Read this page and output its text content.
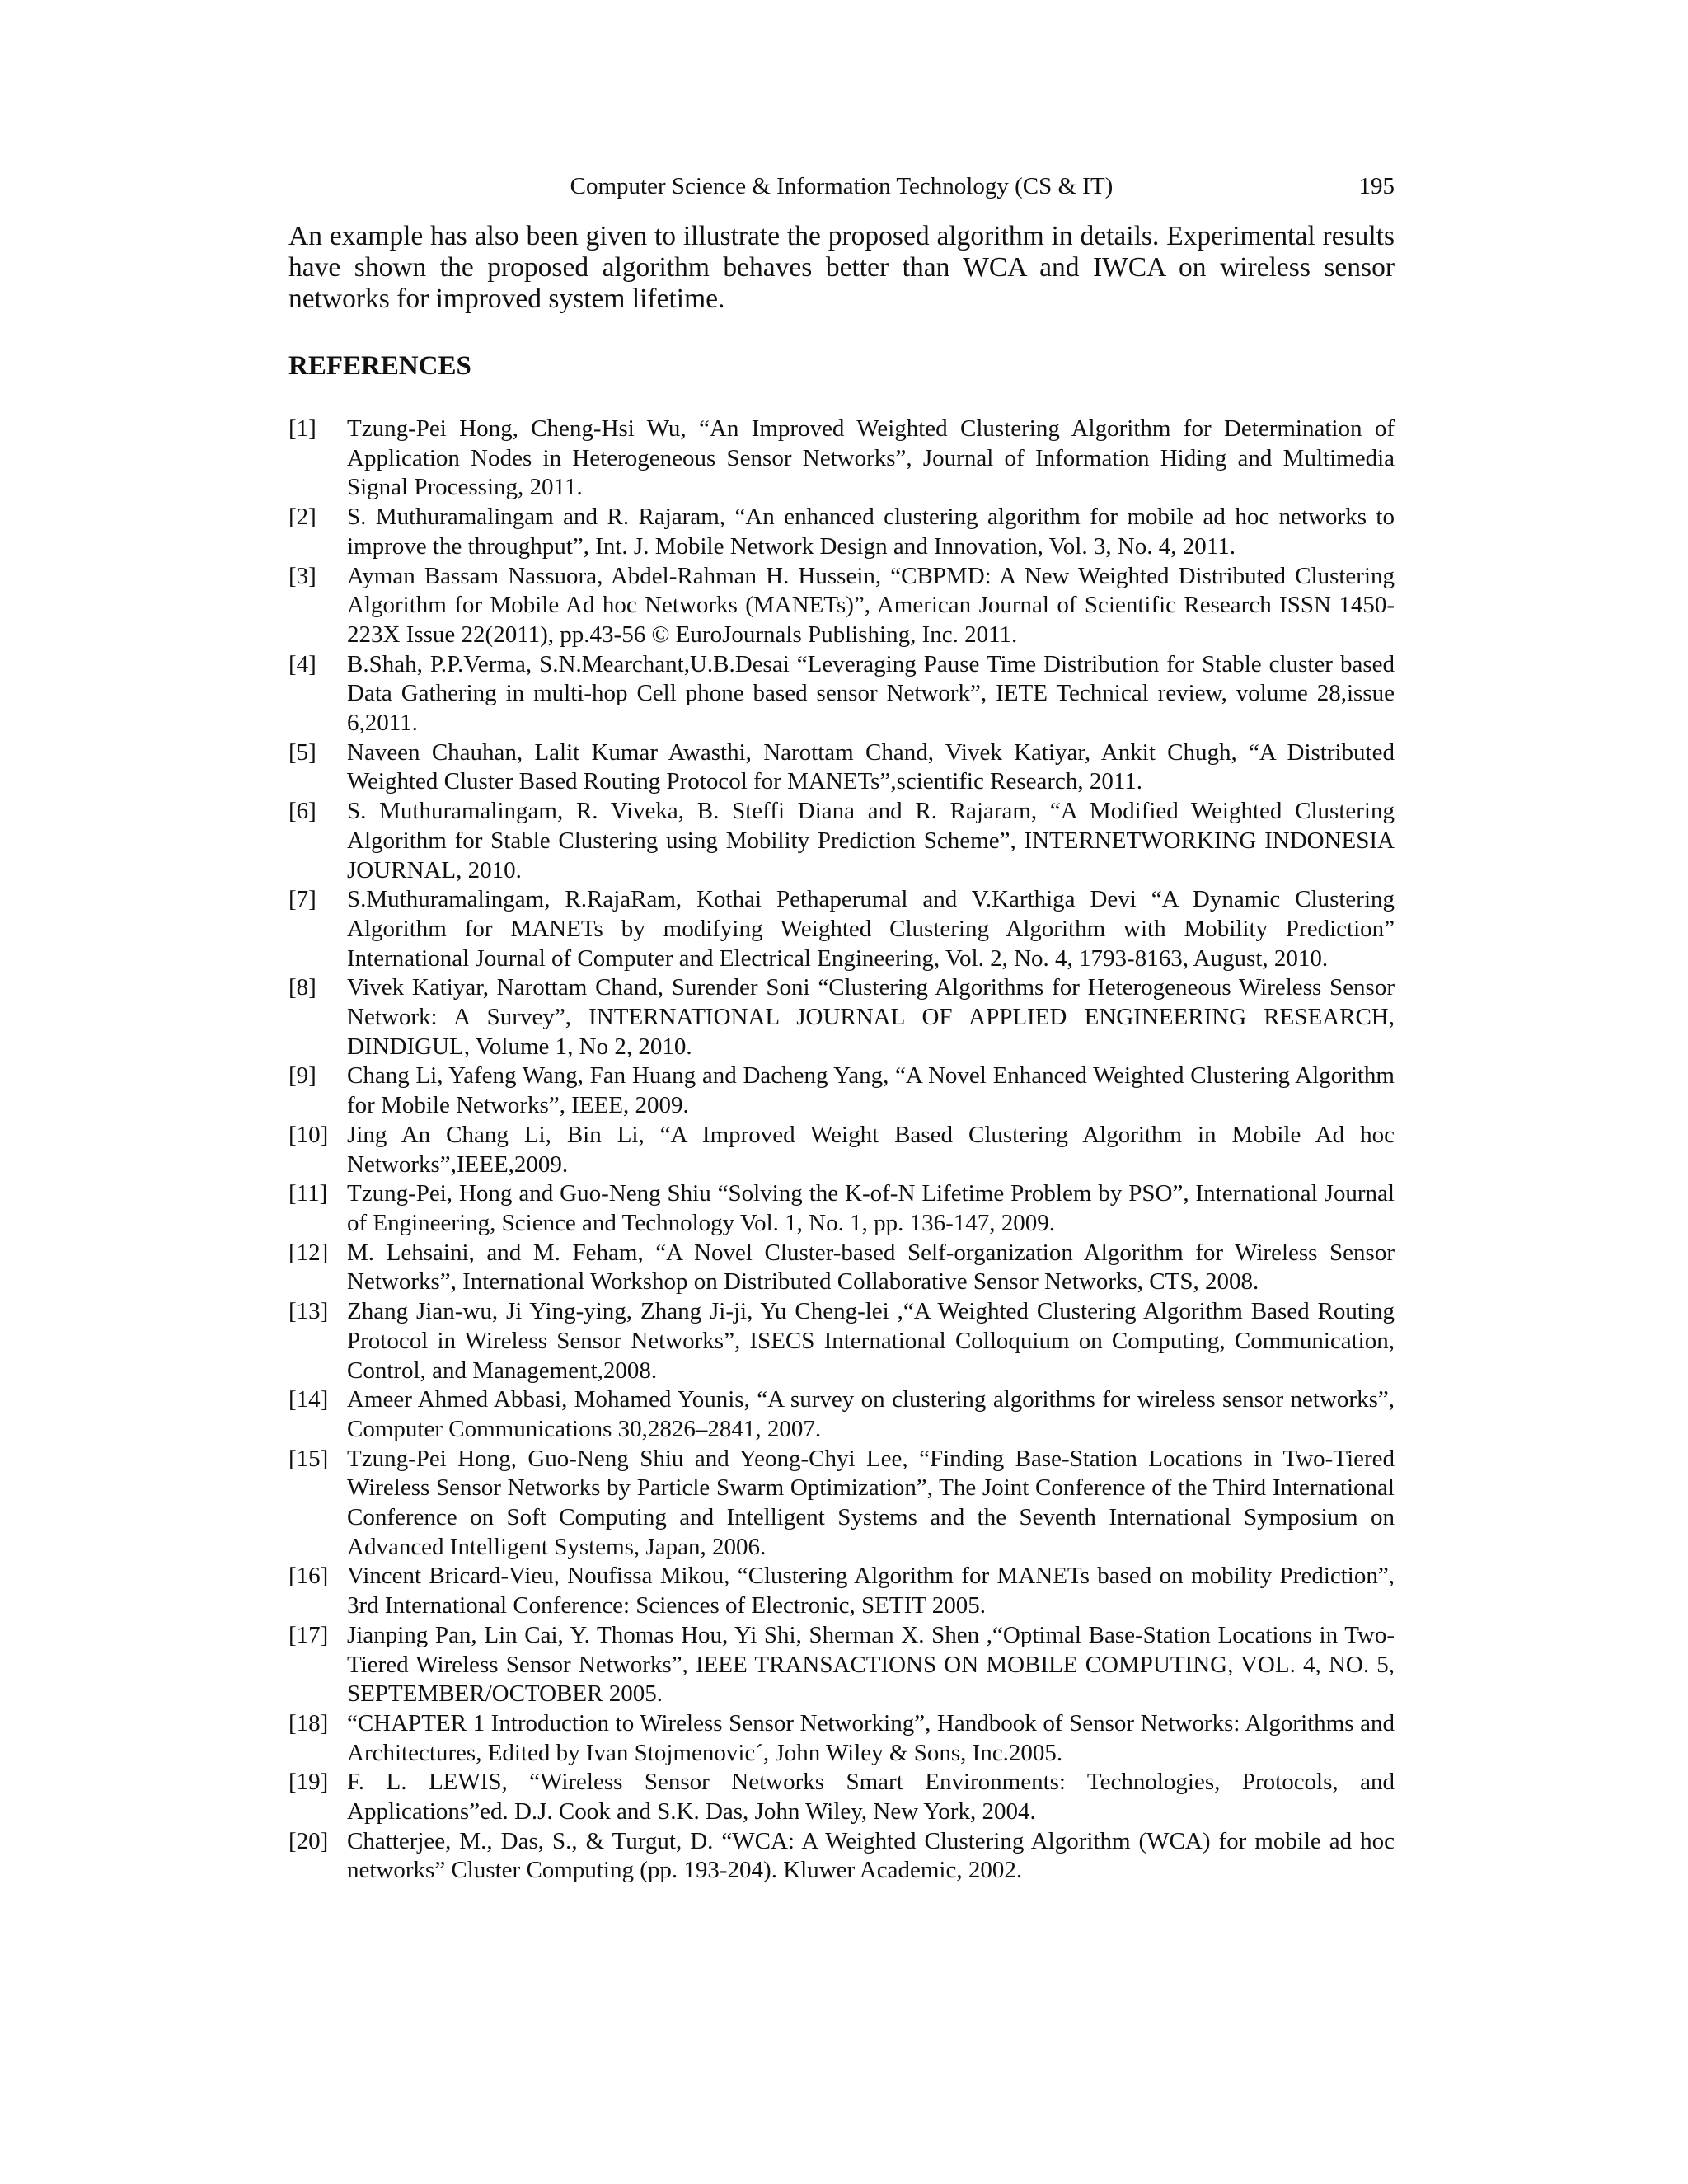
Computer Science & Information Technology (CS & IT)	195

An example has also been given to illustrate the proposed algorithm in details. Experimental results have shown the proposed algorithm behaves better than WCA and IWCA on wireless sensor networks for improved system lifetime.

REFERENCES
[1]	Tzung-Pei Hong, Cheng-Hsi Wu, “An Improved Weighted Clustering Algorithm for Determination of Application Nodes in Heterogeneous Sensor Networks”, Journal of Information Hiding and Multimedia Signal Processing, 2011.
[2]	S. Muthuramalingam and R. Rajaram, “An enhanced clustering algorithm for mobile ad hoc networks to improve the throughput”, Int. J. Mobile Network Design and Innovation, Vol. 3, No. 4, 2011.
[3]	Ayman Bassam Nassuora, Abdel-Rahman H. Hussein, “CBPMD: A New Weighted Distributed Clustering Algorithm for Mobile Ad hoc Networks (MANETs)”, American Journal of Scientific Research ISSN 1450-223X Issue 22(2011), pp.43-56 © EuroJournals Publishing, Inc. 2011.
[4]	B.Shah, P.P.Verma, S.N.Mearchant,U.B.Desai “Leveraging Pause Time Distribution for Stable cluster based Data Gathering in multi-hop Cell phone based sensor Network”, IETE Technical review, volume 28,issue 6,2011.
[5]	Naveen Chauhan, Lalit Kumar Awasthi, Narottam Chand, Vivek Katiyar, Ankit Chugh, “A Distributed Weighted Cluster Based Routing Protocol for MANETs”,scientific Research, 2011.
[6]	S. Muthuramalingam, R. Viveka, B. Steffi Diana and R. Rajaram, “A Modified Weighted Clustering Algorithm for Stable Clustering using Mobility Prediction Scheme”, INTERNETWORKING INDONESIA JOURNAL, 2010.
[7]	S.Muthuramalingam, R.RajaRam, Kothai Pethaperumal and V.Karthiga Devi “A Dynamic Clustering Algorithm for MANETs by modifying Weighted Clustering Algorithm with Mobility Prediction” International Journal of Computer and Electrical Engineering, Vol. 2, No. 4, 1793-8163, August, 2010.
[8]	Vivek Katiyar, Narottam Chand, Surender Soni “Clustering Algorithms for Heterogeneous Wireless Sensor Network: A Survey”, INTERNATIONAL JOURNAL OF APPLIED ENGINEERING RESEARCH, DINDIGUL, Volume 1, No 2, 2010.
[9]	Chang Li, Yafeng Wang, Fan Huang and Dacheng Yang, “A Novel Enhanced Weighted Clustering Algorithm for Mobile Networks”, IEEE, 2009.
[10] Jing An Chang Li, Bin Li, “A Improved Weight Based Clustering Algorithm in Mobile Ad hoc Networks”,IEEE,2009.
[11] Tzung-Pei, Hong and Guo-Neng Shiu “Solving the K-of-N Lifetime Problem by PSO”, International Journal of Engineering, Science and Technology Vol. 1, No. 1, pp. 136-147, 2009.
[12] M. Lehsaini, and M. Feham, “A Novel Cluster-based Self-organization Algorithm for Wireless Sensor Networks”, International Workshop on Distributed Collaborative Sensor Networks, CTS, 2008.
[13] Zhang Jian-wu, Ji Ying-ying, Zhang Ji-ji, Yu Cheng-lei ,“A Weighted Clustering Algorithm Based Routing Protocol in Wireless Sensor Networks”, ISECS International Colloquium on Computing, Communication, Control, and Management,2008.
[14] Ameer Ahmed Abbasi, Mohamed Younis, “A survey on clustering algorithms for wireless sensor networks”, Computer Communications 30,2826–2841, 2007.
[15] Tzung-Pei Hong, Guo-Neng Shiu and Yeong-Chyi Lee, “Finding Base-Station Locations in Two-Tiered Wireless Sensor Networks by Particle Swarm Optimization”, The Joint Conference of the Third International Conference on Soft Computing and Intelligent Systems and the Seventh International Symposium on Advanced Intelligent Systems, Japan, 2006.
[16] Vincent Bricard-Vieu, Noufissa Mikou, “Clustering Algorithm for MANETs based on mobility Prediction”, 3rd International Conference: Sciences of Electronic, SETIT 2005.
[17] Jianping Pan, Lin Cai, Y. Thomas Hou, Yi Shi, Sherman X. Shen ,“Optimal Base-Station Locations in Two-Tiered Wireless Sensor Networks”, IEEE TRANSACTIONS ON MOBILE COMPUTING, VOL. 4, NO. 5, SEPTEMBER/OCTOBER 2005.
[18] “CHAPTER 1 Introduction to Wireless Sensor Networking”, Handbook of Sensor Networks: Algorithms and Architectures, Edited by Ivan Stojmenovic´, John Wiley & Sons, Inc.2005.
[19] F. L. LEWIS, “Wireless Sensor Networks Smart Environments: Technologies, Protocols, and Applications”ed. D.J. Cook and S.K. Das, John Wiley, New York, 2004.
[20] Chatterjee, M., Das, S., & Turgut, D. “WCA: A Weighted Clustering Algorithm (WCA) for mobile ad hoc networks” Cluster Computing (pp. 193-204). Kluwer Academic, 2002.
